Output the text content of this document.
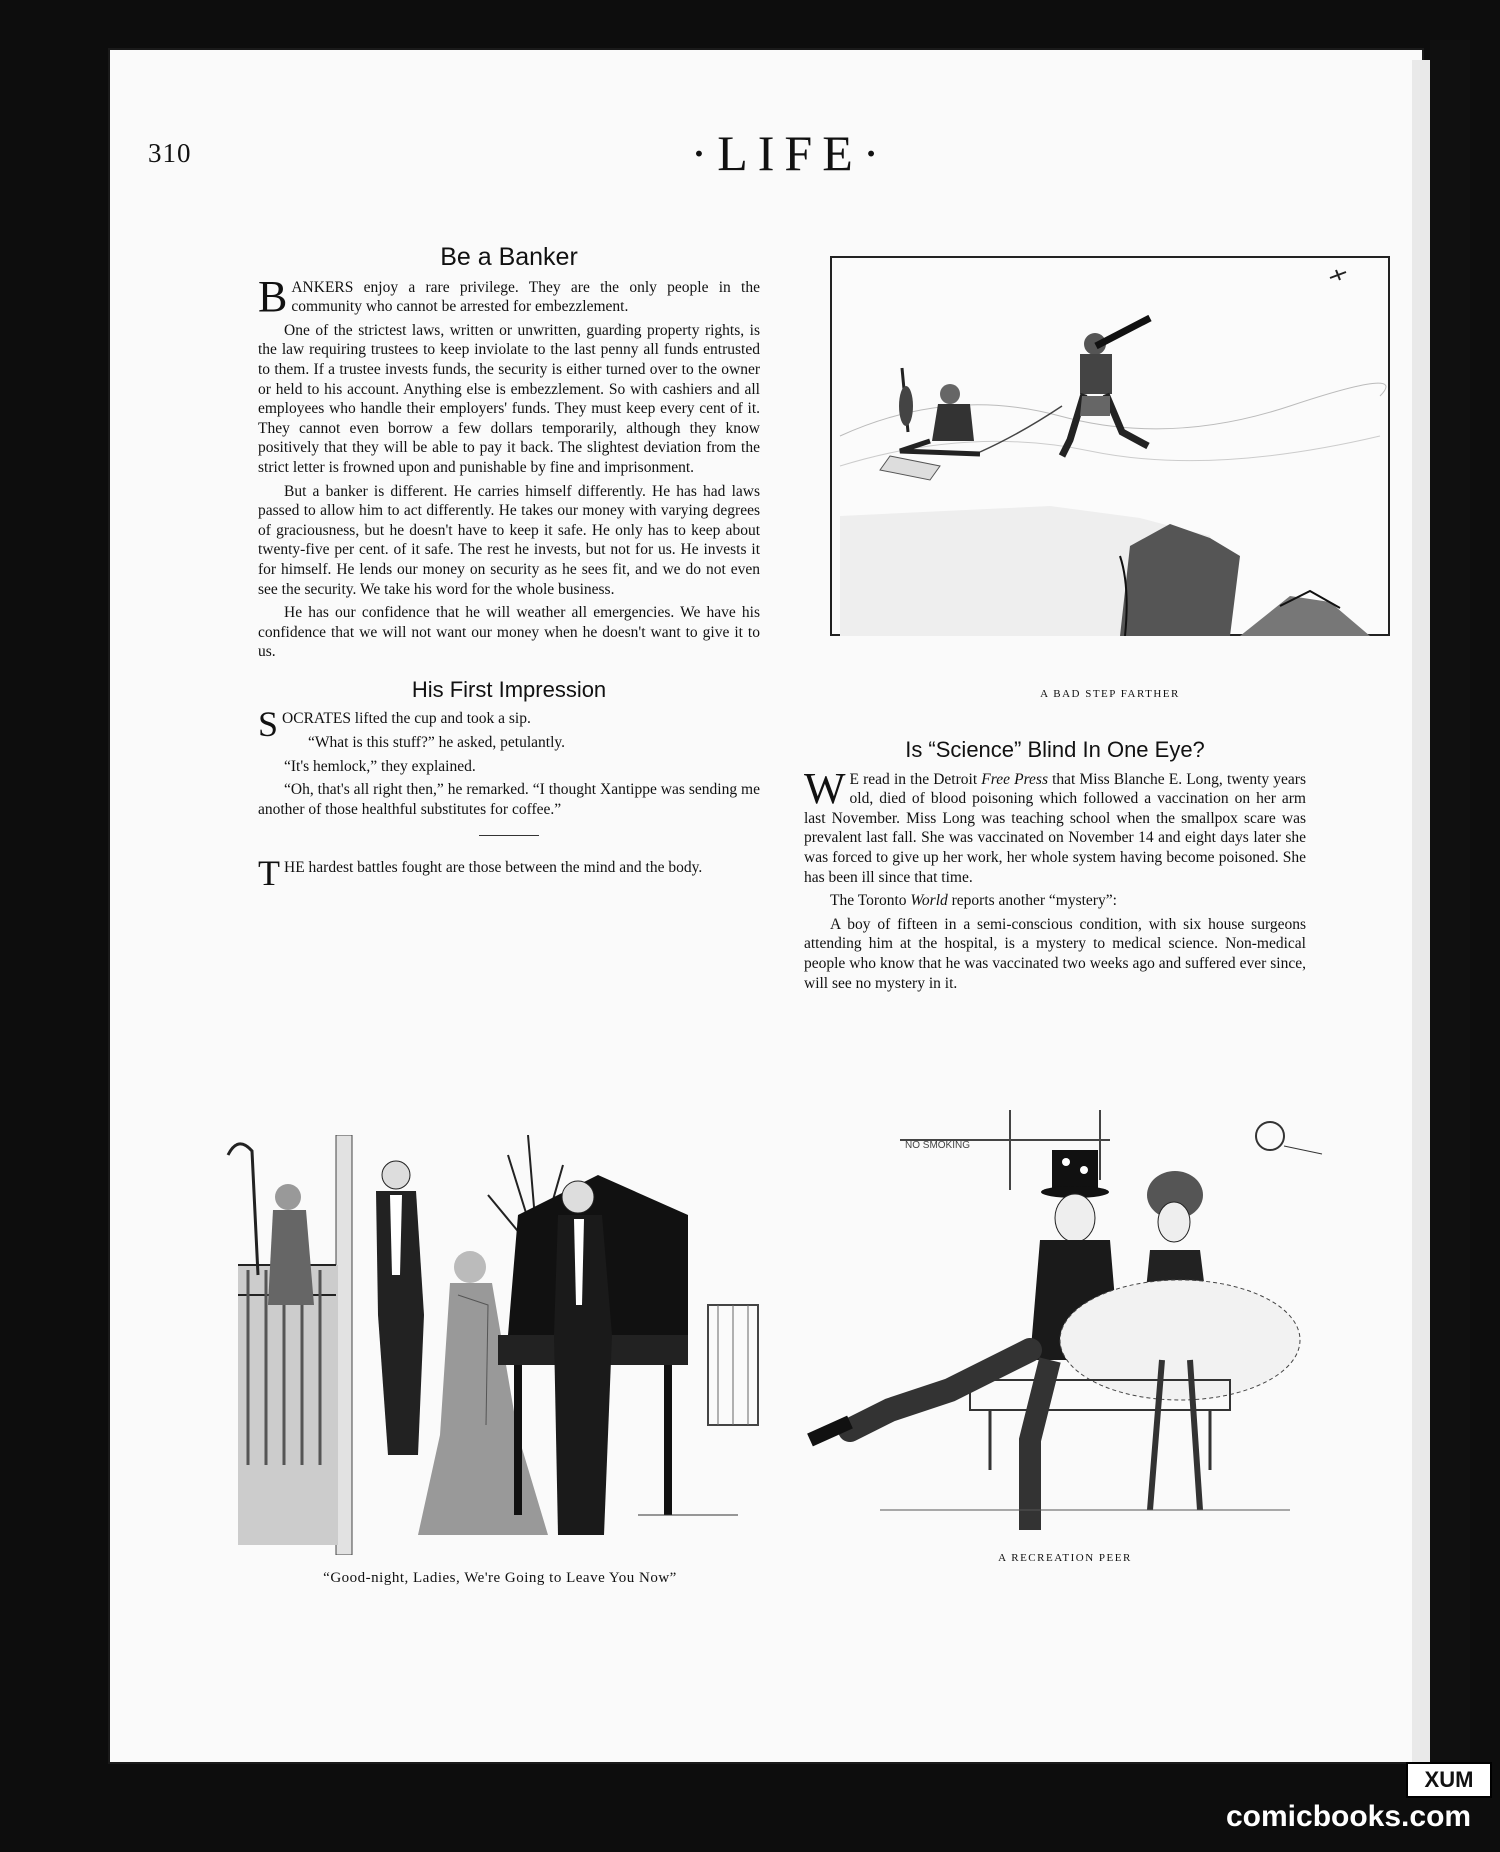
310	·LIFE·
Be a Banker

BANKERS enjoy a rare privilege. They are the only people in the community who cannot be arrested for embezzlement.

One of the strictest laws, written or unwritten, guarding property rights, is the law requiring trustees to keep inviolate to the last penny all funds entrusted to them. If a trustee invests funds, the security is either turned over to the owner or held to his account. Anything else is embezzlement. So with cashiers and all employees who handle their employers' funds. They must keep every cent of it. They cannot even borrow a few dollars temporarily, although they know positively that they will be able to pay it back. The slightest deviation from the strict letter is frowned upon and punishable by fine and imprisonment.

But a banker is different. He carries himself differently. He has had laws passed to allow him to act differently. He takes our money with varying degrees of graciousness, but he doesn't have to keep it safe. He only has to keep about twenty-five per cent. of it safe. The rest he invests, but not for us. He invests it for himself. He lends our money on security as he sees fit, and we do not even see the security. We take his word for the whole business.

He has our confidence that he will weather all emergencies. We have his confidence that we will not want our money when he doesn't want to give it to us.

His First Impression

SOCRATES lifted the cup and took a sip.

“What is this stuff?” he asked, petulantly.

“It's hemlock,” they explained.

“Oh, that's all right then,” he remarked. “I thought Xantippe was sending me another of those healthful substitutes for coffee.”

THE hardest battles fought are those between the mind and the body.

A BAD STEP FARTHER
Is “Science” Blind In One Eye?

W E read in the Detroit Free Press that Miss Blanche E. Long, twenty years old, died of blood poisoning which followed a vaccination on her arm last November. Miss Long was teaching school when the smallpox scare was prevalent last fall. She was vaccinated on November 14 and eight days later she was forced to give up her work, her whole system having become poisoned. She has been ill since that time.

The Toronto World reports another “mystery”:

A boy of fifteen in a semi-conscious condition, with six house surgeons attending him at the hospital, is a mystery to medical science. Non-medical people who know that he was vaccinated two weeks ago and suffered ever since, will see no mystery in it.

“Good-night, Ladies, We're Going to Leave You Now”
NO SMOKING
A RECREATION PEER
XUM
comicbooks.com
